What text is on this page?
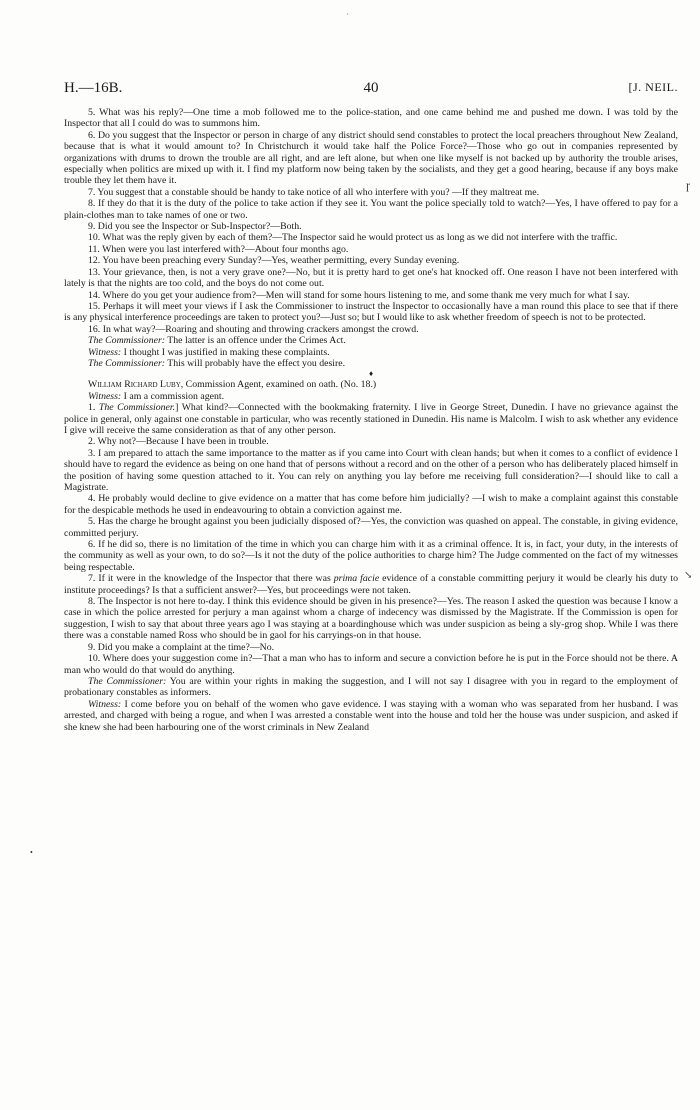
·
ɼ
↘
•
H.—16B.	40	[J. NEIL.

5. What was his reply?—One time a mob followed me to the police-station, and one came behind me and pushed me down. I was told by the Inspector that all I could do was to summons him.

6. Do you suggest that the Inspector or person in charge of any district should send constables to protect the local preachers throughout New Zealand, because that is what it would amount to? In Christchurch it would take half the Police Force?—Those who go out in companies represented by organizations with drums to drown the trouble are all right, and are left alone, but when one like myself is not backed up by authority the trouble arises, especially when politics are mixed up with it. I find my platform now being taken by the socialists, and they get a good hearing, because if any boys make trouble they let them have it.

7. You suggest that a constable should be handy to take notice of all who interfere with you? —If they maltreat me.

8. If they do that it is the duty of the police to take action if they see it. You want the police specially told to watch?—Yes, I have offered to pay for a plain-clothes man to take names of one or two.

9. Did you see the Inspector or Sub-Inspector?—Both.

10. What was the reply given by each of them?—The Inspector said he would protect us as long as we did not interfere with the traffic.

11. When were you last interfered with?—About four months ago.

12. You have been preaching every Sunday?—Yes, weather permitting, every Sunday evening.

13. Your grievance, then, is not a very grave one?—No, but it is pretty hard to get one's hat knocked off. One reason I have not been interfered with lately is that the nights are too cold, and the boys do not come out.

14. Where do you get your audience from?—Men will stand for some hours listening to me, and some thank me very much for what I say.

15. Perhaps it will meet your views if I ask the Commissioner to instruct the Inspector to occasionally have a man round this place to see that if there is any physical interference proceedings are taken to protect you?—Just so; but I would like to ask whether freedom of speech is not to be protected.

16. In what way?—Roaring and shouting and throwing crackers amongst the crowd.

The Commissioner: The latter is an offence under the Crimes Act.

Witness: I thought I was justified in making these complaints.

The Commissioner: This will probably have the effect you desire.

♦

William Richard Luby, Commission Agent, examined on oath. (No. 18.)

Witness: I am a commission agent.

1. The Commissioner.] What kind?—Connected with the bookmaking fraternity. I live in George Street, Dunedin. I have no grievance against the police in general, only against one constable in particular, who was recently stationed in Dunedin. His name is Malcolm. I wish to ask whether any evidence I give will receive the same consideration as that of any other person.

2. Why not?—Because I have been in trouble.

3. I am prepared to attach the same importance to the matter as if you came into Court with clean hands; but when it comes to a conflict of evidence I should have to regard the evidence as being on one hand that of persons without a record and on the other of a person who has deliberately placed himself in the position of having some question attached to it. You can rely on anything you lay before me receiving full consideration?—I should like to call a Magistrate.

4. He probably would decline to give evidence on a matter that has come before him judicially? —I wish to make a complaint against this constable for the despicable methods he used in endeavouring to obtain a conviction against me.

5. Has the charge he brought against you been judicially disposed of?—Yes, the conviction was quashed on appeal. The constable, in giving evidence, committed perjury.

6. If he did so, there is no limitation of the time in which you can charge him with it as a criminal offence. It is, in fact, your duty, in the interests of the community as well as your own, to do so?—Is it not the duty of the police authorities to charge him? The Judge commented on the fact of my witnesses being respectable.

7. If it were in the knowledge of the Inspector that there was prima facie evidence of a constable committing perjury it would be clearly his duty to institute proceedings? Is that a sufficient answer?—Yes, but proceedings were not taken.

8. The Inspector is not here to-day. I think this evidence should be given in his presence?—Yes. The reason I asked the question was because I know a case in which the police arrested for perjury a man against whom a charge of indecency was dismissed by the Magistrate. If the Commission is open for suggestion, I wish to say that about three years ago I was staying at a boardinghouse which was under suspicion as being a sly-grog shop. While I was there there was a constable named Ross who should be in gaol for his carryings-on in that house.

9. Did you make a complaint at the time?—No.

10. Where does your suggestion come in?—That a man who has to inform and secure a conviction before he is put in the Force should not be there. A man who would do that would do anything.

The Commissioner: You are within your rights in making the suggestion, and I will not say I disagree with you in regard to the employment of probationary constables as informers.

Witness: I come before you on behalf of the women who gave evidence. I was staying with a woman who was separated from her husband. I was arrested, and charged with being a rogue, and when I was arrested a constable went into the house and told her the house was under suspicion, and asked if she knew she had been harbouring one of the worst criminals in New Zealand
